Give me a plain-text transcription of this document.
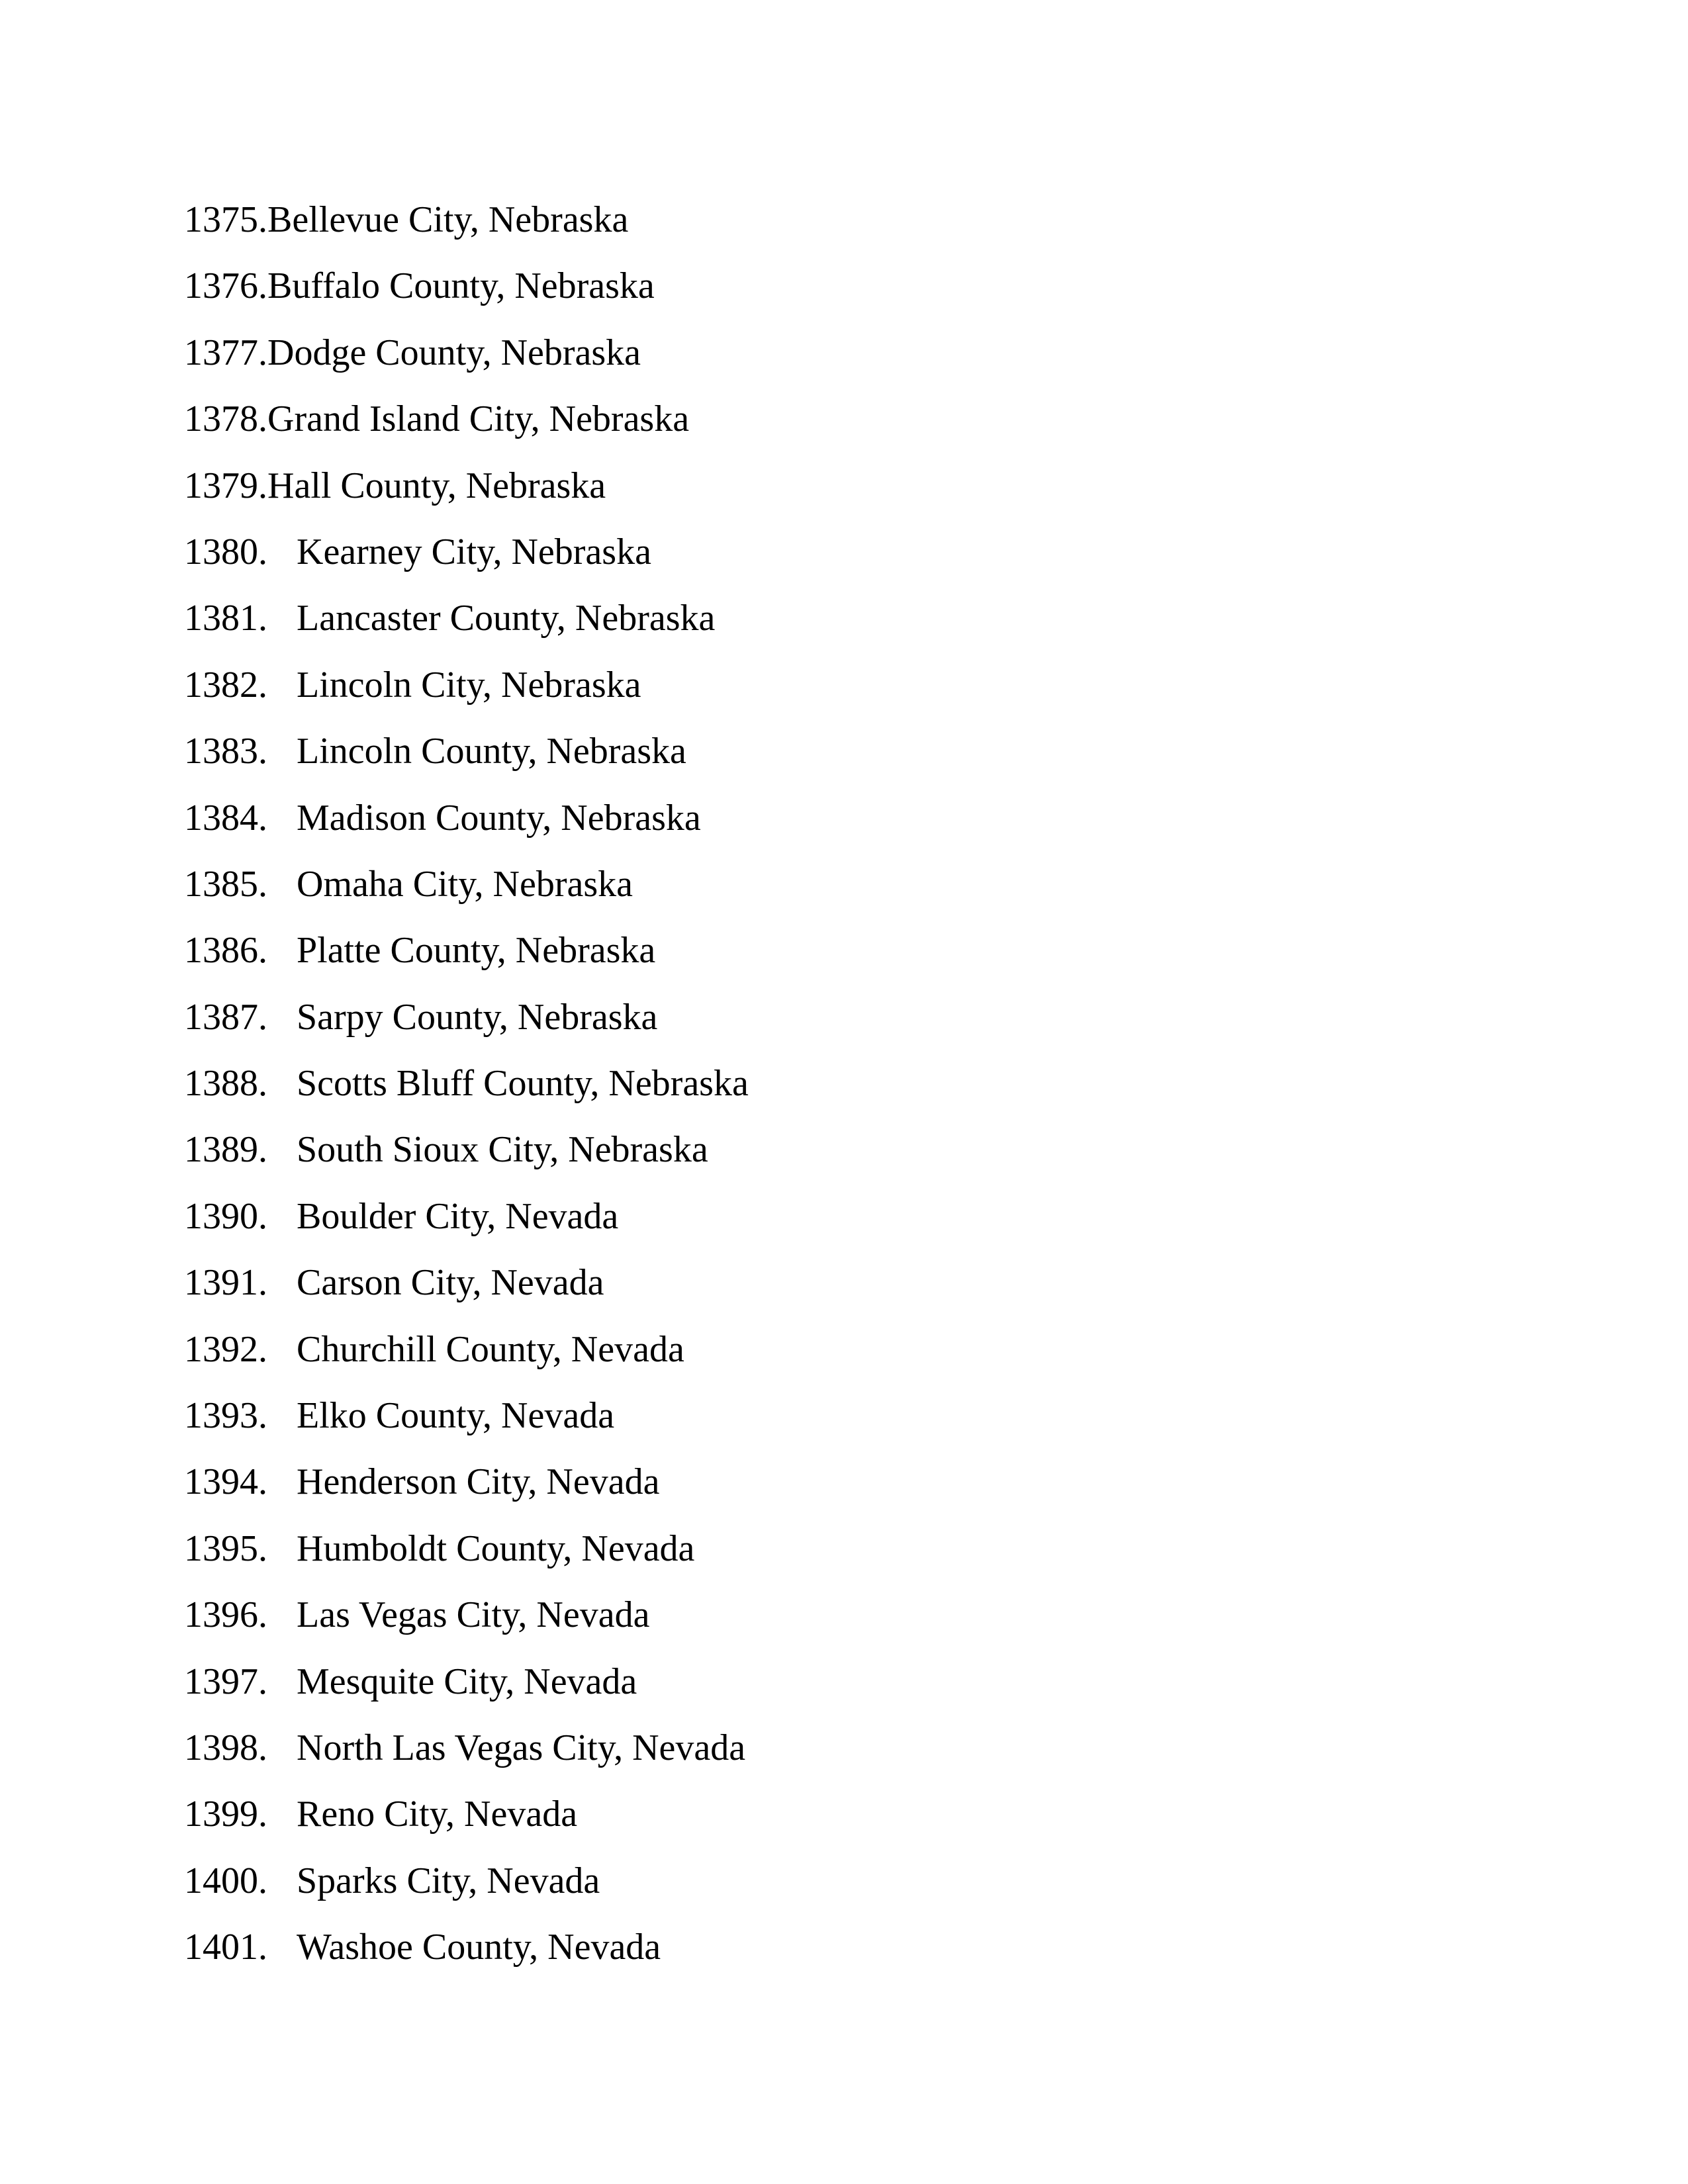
1375. Bellevue City, Nebraska
1376. Buffalo County, Nebraska
1377. Dodge County, Nebraska
1378. Grand Island City, Nebraska
1379. Hall County, Nebraska
1380. Kearney City, Nebraska
1381. Lancaster County, Nebraska
1382. Lincoln City, Nebraska
1383. Lincoln County, Nebraska
1384. Madison County, Nebraska
1385. Omaha City, Nebraska
1386. Platte County, Nebraska
1387. Sarpy County, Nebraska
1388. Scotts Bluff County, Nebraska
1389. South Sioux City, Nebraska
1390. Boulder City, Nevada
1391. Carson City, Nevada
1392. Churchill County, Nevada
1393. Elko County, Nevada
1394. Henderson City, Nevada
1395. Humboldt County, Nevada
1396. Las Vegas City, Nevada
1397. Mesquite City, Nevada
1398. North Las Vegas City, Nevada
1399. Reno City, Nevada
1400. Sparks City, Nevada
1401. Washoe County, Nevada
